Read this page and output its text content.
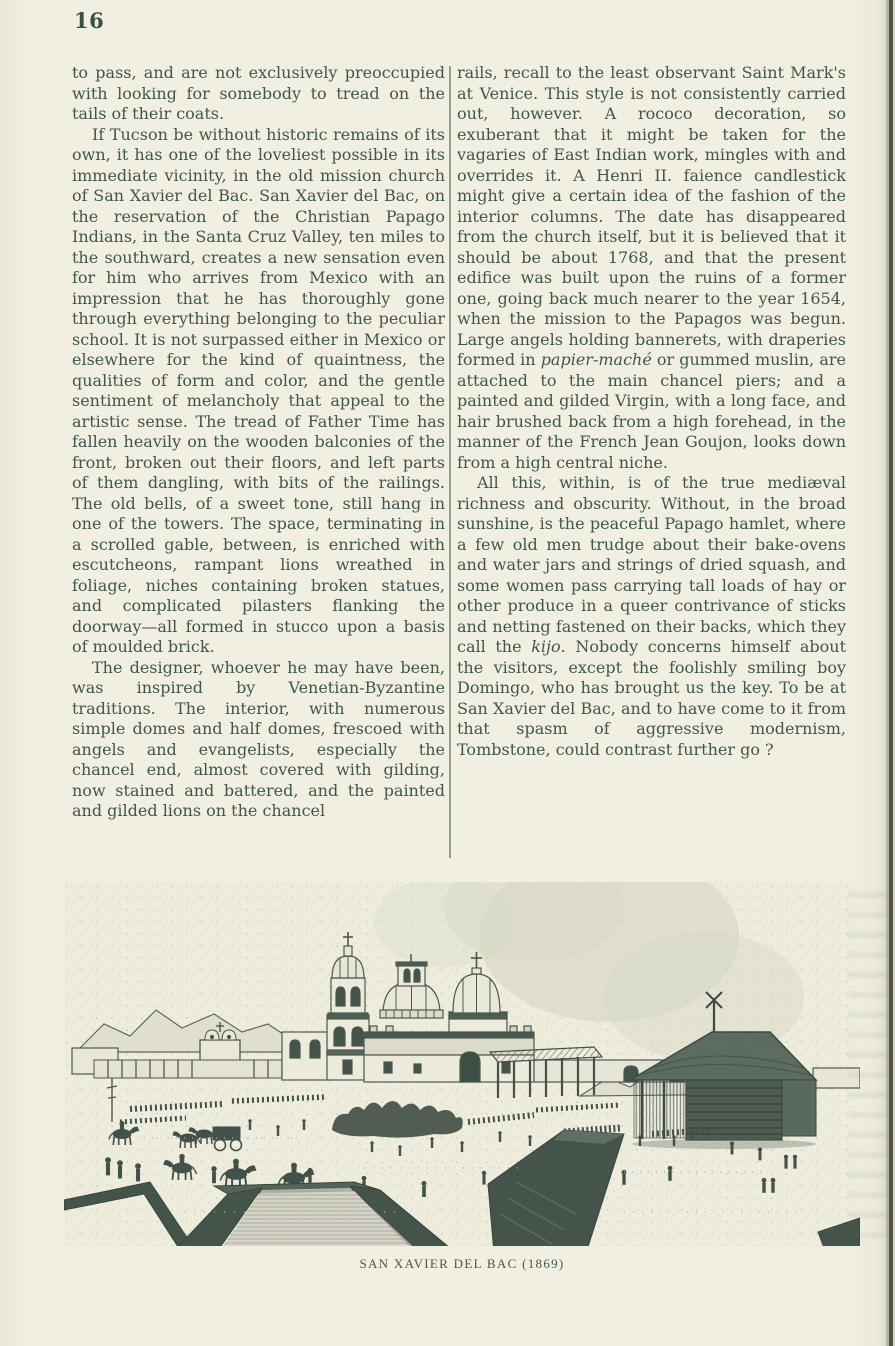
16

to pass, and are not exclusively preoccupied with looking for somebody to tread on the tails of their coats.

If Tucson be without historic remains of its own, it has one of the loveliest possible in its immediate vicinity, in the old mission church of San Xavier del Bac. San Xavier del Bac, on the reservation of the Christian Papago Indians, in the Santa Cruz Valley, ten miles to the southward, creates a new sensation even for him who arrives from Mexico with an impression that he has thoroughly gone through everything belonging to the peculiar school. It is not surpassed either in Mexico or elsewhere for the kind of quaintness, the qualities of form and color, and the gentle sentiment of melancholy that appeal to the artistic sense. The tread of Father Time has fallen heavily on the wooden balconies of the front, broken out their floors, and left parts of them dangling, with bits of the railings. The old bells, of a sweet tone, still hang in one of the towers. The space, terminating in a scrolled gable, between, is enriched with escutcheons, rampant lions wreathed in foliage, niches containing broken statues, and complicated pilasters flanking the doorway—all formed in stucco upon a basis of moulded brick.

The designer, whoever he may have been, was inspired by Venetian-Byzantine traditions. The interior, with numerous simple domes and half domes, frescoed with angels and evangelists, especially the chancel end, almost covered with gilding, now stained and battered, and the painted and gilded lions on the chancel

rails, recall to the least observant Saint Mark's at Venice. This style is not consistently carried out, however. A rococo decoration, so exuberant that it might be taken for the vagaries of East Indian work, mingles with and overrides it. A Henri II. faience candlestick might give a certain idea of the fashion of the interior columns. The date has disappeared from the church itself, but it is believed that it should be about 1768, and that the present edifice was built upon the ruins of a former one, going back much nearer to the year 1654, when the mission to the Papagos was begun. Large angels holding bannerets, with draperies formed in papier-maché or gummed muslin, are attached to the main chancel piers; and a painted and gilded Virgin, with a long face, and hair brushed back from a high forehead, in the manner of the French Jean Goujon, looks down from a high central niche.

All this, within, is of the true mediæval richness and obscurity. Without, in the broad sunshine, is the peaceful Papago hamlet, where a few old men trudge about their bake-ovens and water jars and strings of dried squash, and some women pass carrying tall loads of hay or other produce in a queer contrivance of sticks and netting fastened on their backs, which they call the kijo. Nobody concerns himself about the visitors, except the foolishly smiling boy Domingo, who has brought us the key. To be at San Xavier del Bac, and to have come to it from that spasm of aggressive modernism, Tombstone, could contrast further go ?

SAN XAVIER DEL BAC (1869)
